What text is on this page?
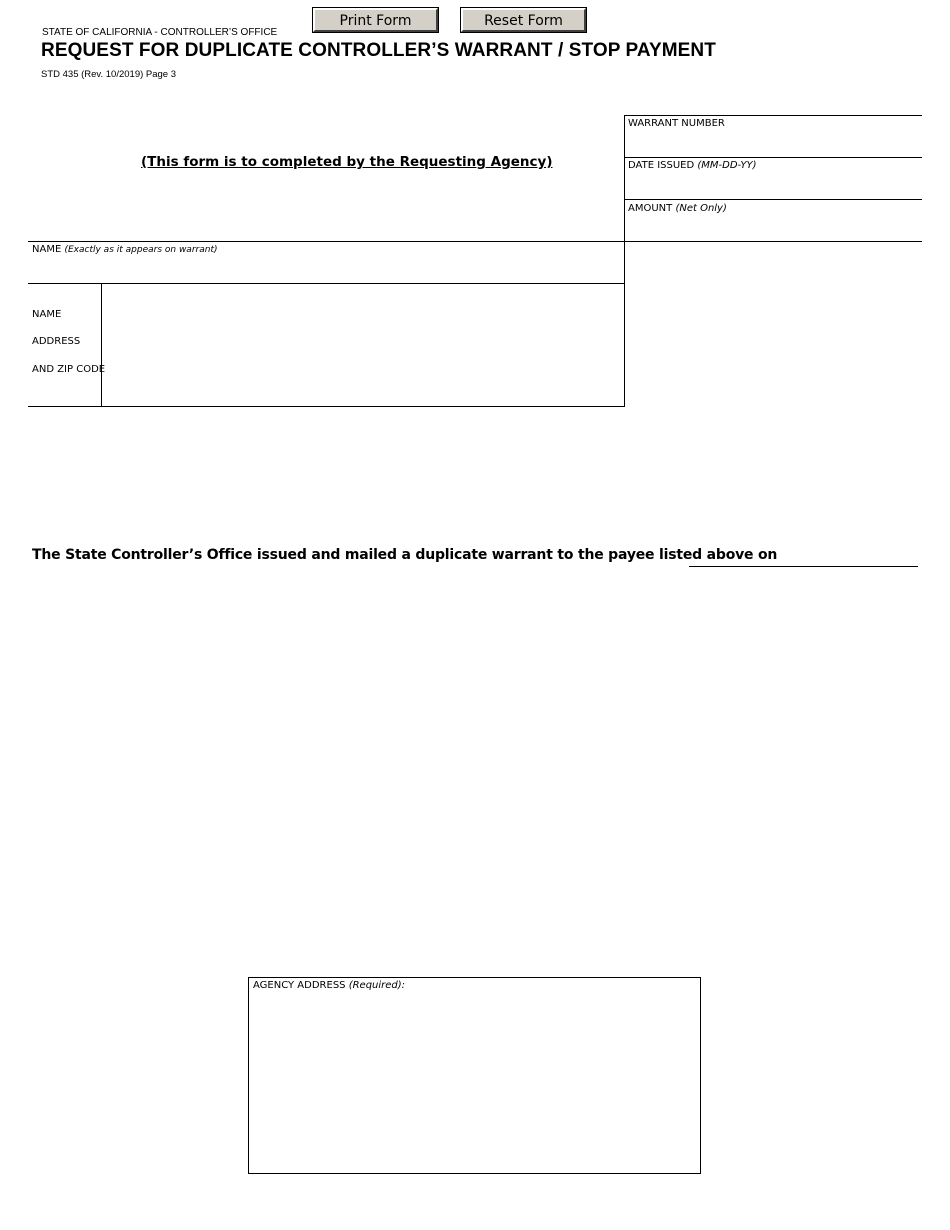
STATE OF CALIFORNIA - CONTROLLER’S OFFICE
Print Form	Reset Form
REQUEST FOR DUPLICATE CONTROLLER’S WARRANT / STOP PAYMENT
STD 435 (Rev. 10/2019) Page 3
(This form is to completed by the Requesting Agency)
WARRANT NUMBER
DATE ISSUED (MM-DD-YY)
AMOUNT (Net Only)
NAME (Exactly as it appears on warrant)
NAME
ADDRESS
AND ZIP CODE
The State Controller’s Office issued and mailed a duplicate warrant to the payee listed above on
AGENCY ADDRESS (Required):
